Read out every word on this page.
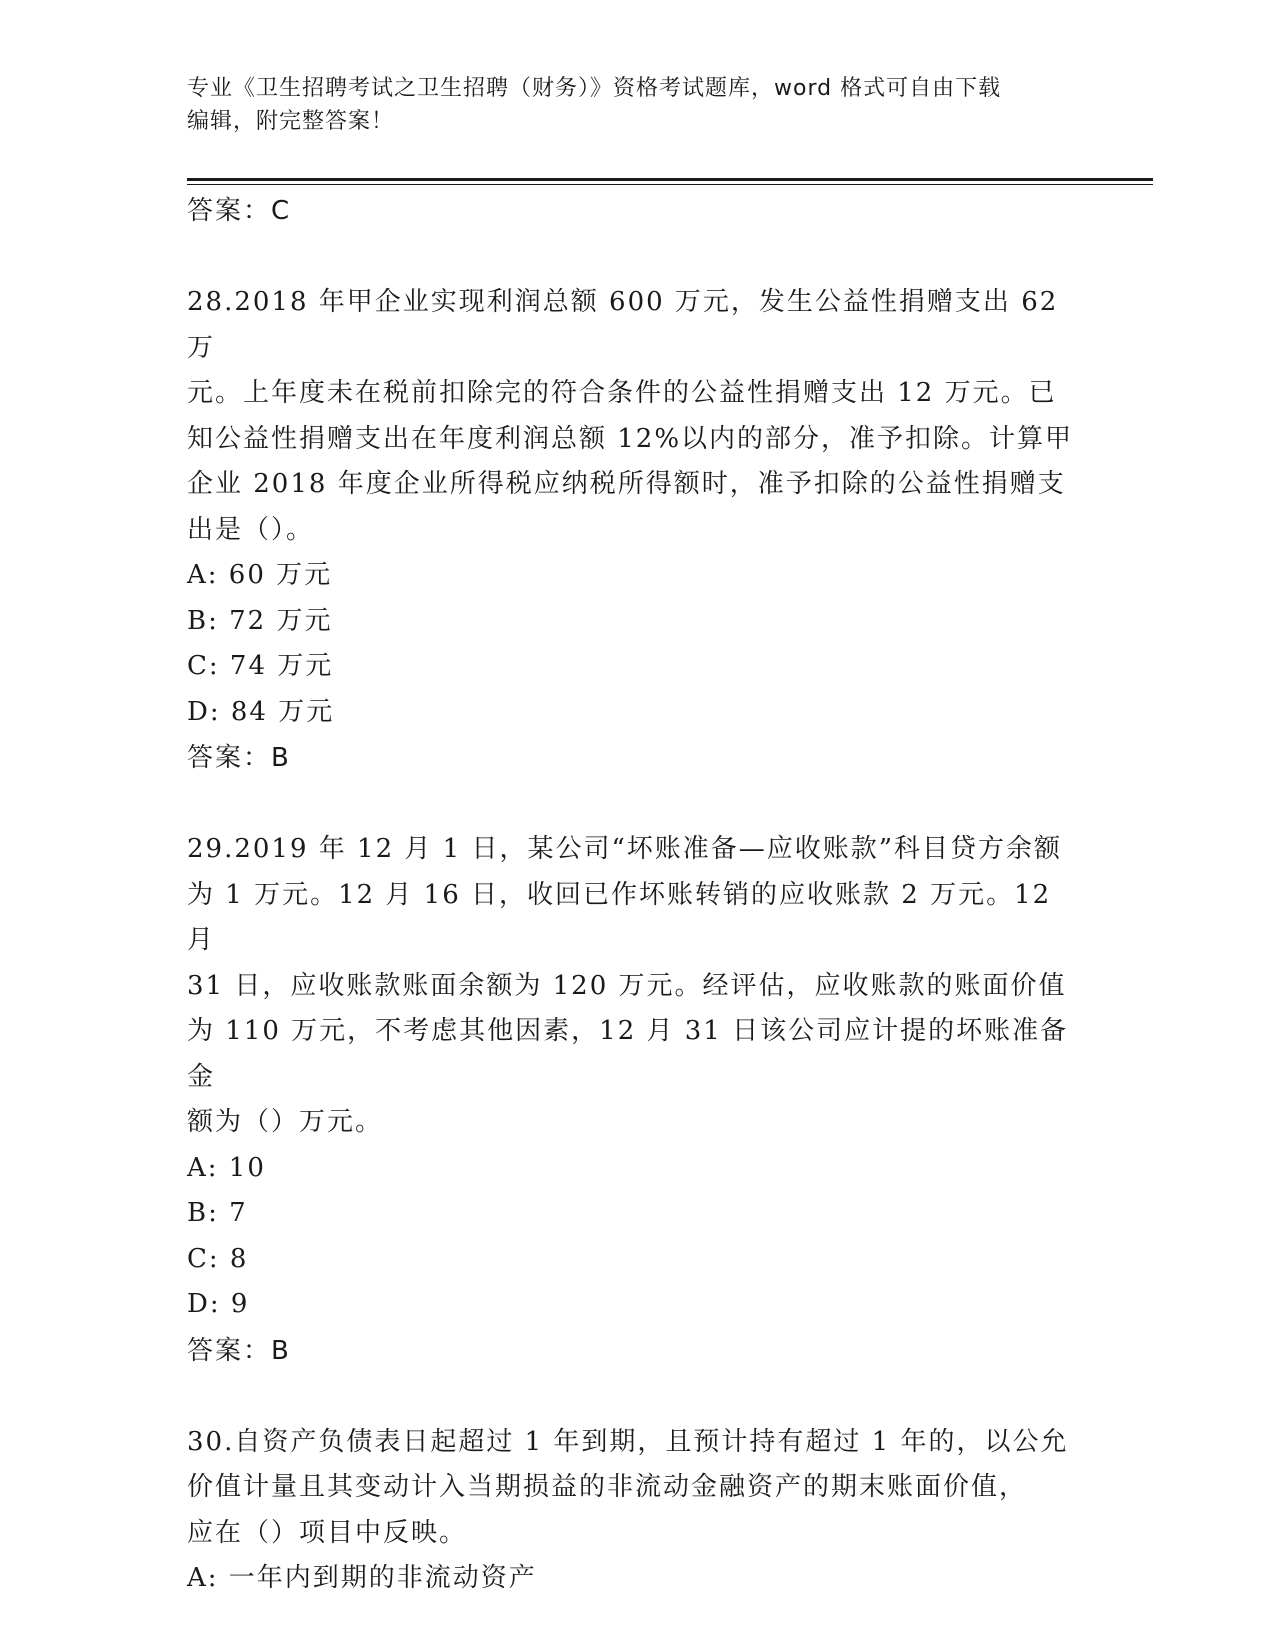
专业《卫生招聘考试之卫生招聘（财务）》资格考试题库，word 格式可自由下载
编辑，附完整答案！
答案：C
28.2018 年甲企业实现利润总额 600 万元，发生公益性捐赠支出 62 万
元。上年度未在税前扣除完的符合条件的公益性捐赠支出 12 万元。已
知公益性捐赠支出在年度利润总额 12%以内的部分，准予扣除。计算甲
企业 2018 年度企业所得税应纳税所得额时，准予扣除的公益性捐赠支
出是（）。
A: 60 万元
B: 72 万元
C: 74 万元
D: 84 万元
答案：B
29.2019 年 12 月 1 日，某公司“坏账准备—应收账款”科目贷方余额
为 1 万元。12 月 16 日，收回已作坏账转销的应收账款 2 万元。12 月
31 日，应收账款账面余额为 120 万元。经评估，应收账款的账面价值
为 110 万元，不考虑其他因素，12 月 31 日该公司应计提的坏账准备金
额为（）万元。
A: 10
B: 7
C: 8
D: 9
答案：B
30.自资产负债表日起超过 1 年到期，且预计持有超过 1 年的，以公允
价值计量且其变动计入当期损益的非流动金融资产的期末账面价值，
应在（）项目中反映。
A: 一年内到期的非流动资产
